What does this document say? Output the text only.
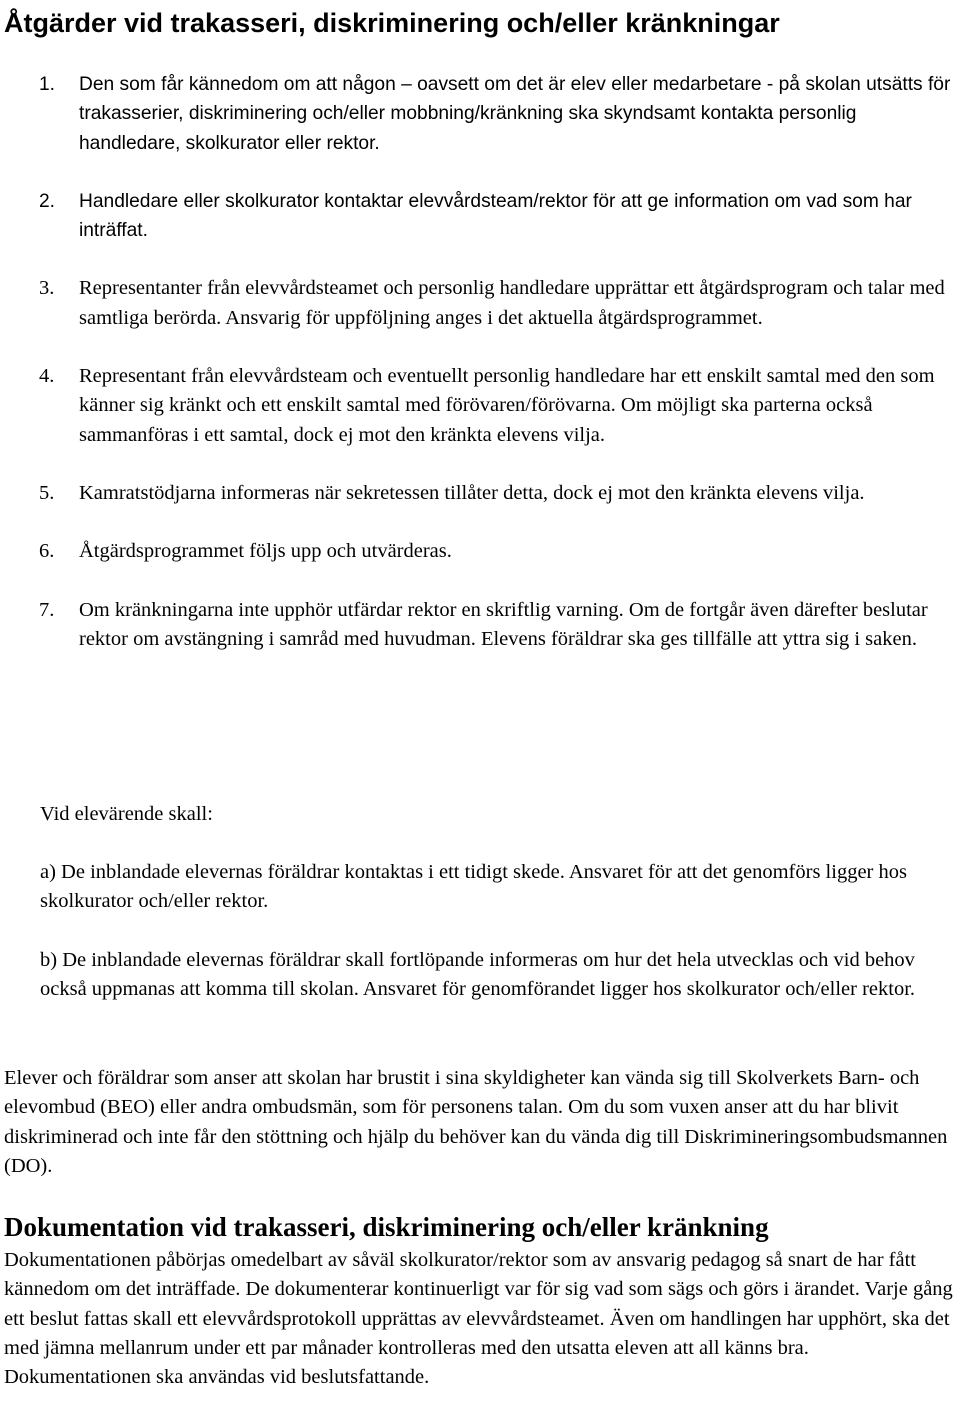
Åtgärder vid trakasseri, diskriminering och/eller kränkningar
1. Den som får kännedom om att någon – oavsett om det är elev eller medarbetare - på skolan utsätts för trakasserier, diskriminering och/eller mobbning/kränkning ska skyndsamt kontakta personlig handledare, skolkurator eller rektor.
2. Handledare eller skolkurator kontaktar elevvårdsteam/rektor för att ge information om vad som har inträffat.
3. Representanter från elevvårdsteamet och personlig handledare upprättar ett åtgärdsprogram och talar med samtliga berörda. Ansvarig för uppföljning anges i det aktuella åtgärdsprogrammet.
4. Representant från elevvårdsteam och eventuellt personlig handledare har ett enskilt samtal med den som känner sig kränkt och ett enskilt samtal med förövaren/förövarna. Om möjligt ska parterna också sammanföras i ett samtal, dock ej mot den kränkta elevens vilja.
5. Kamratstödjarna informeras när sekretessen tillåter detta, dock ej mot den kränkta elevens vilja.
6. Åtgärdsprogrammet följs upp och utvärderas.
7. Om kränkningarna inte upphör utfärdar rektor en skriftlig varning. Om de fortgår även därefter beslutar rektor om avstängning i samråd med huvudman. Elevens föräldrar ska ges tillfälle att yttra sig i saken.

Vid elevärende skall:

a) De inblandade elevernas föräldrar kontaktas i ett tidigt skede. Ansvaret för att det genomförs ligger hos skolkurator och/eller rektor.

b) De inblandade elevernas föräldrar skall fortlöpande informeras om hur det hela utvecklas och vid behov också uppmanas att komma till skolan. Ansvaret för genomförandet ligger hos skolkurator och/eller rektor.

Elever och föräldrar som anser att skolan har brustit i sina skyldigheter kan vända sig till Skolverkets Barn- och elevombud (BEO) eller andra ombudsmän, som för personens talan. Om du som vuxen anser att du har blivit diskriminerad och inte får den stöttning och hjälp du behöver kan du vända dig till Diskrimineringsombudsmannen (DO).

Dokumentation vid trakasseri, diskriminering och/eller kränkning

Dokumentationen påbörjas omedelbart av såväl skolkurator/rektor som av ansvarig pedagog så snart de har fått kännedom om det inträffade. De dokumenterar kontinuerligt var för sig vad som sägs och görs i ärandet. Varje gång ett beslut fattas skall ett elevvårdsprotokoll upprättas av elevvårdsteamet. Även om handlingen har upphört, ska det med jämna mellanrum under ett par månader kontrolleras med den utsatta eleven att all känns bra. Dokumentationen ska användas vid beslutsfattande.
